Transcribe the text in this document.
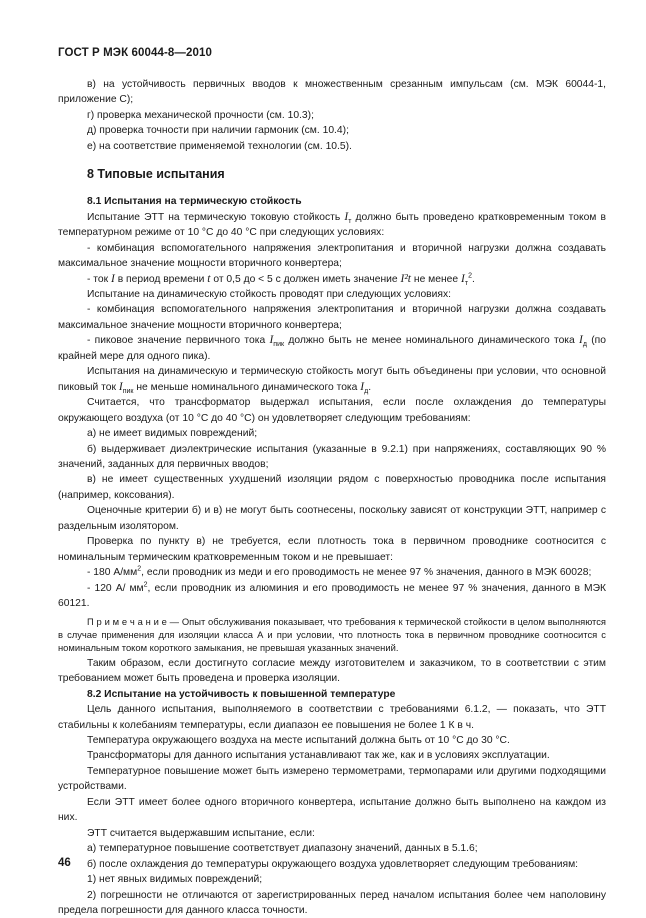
ГОСТ Р МЭК 60044-8—2010

в) на устойчивость первичных вводов к множественным срезанным импульсам (см. МЭК 60044-1, приложение С);

г) проверка механической прочности (см. 10.3);

д) проверка точности при наличии гармоник (см. 10.4);

е) на соответствие применяемой технологии (см. 10.5).

8 Типовые испытания

8.1 Испытания на термическую стойкость

Испытание ЭТТ на термическую токовую стойкость $I_т$ должно быть проведено кратковременным током в температурном режиме от 10 °С до 40 °С при следующих условиях:

- комбинация вспомогательного напряжения электропитания и вторичной нагрузки должна создавать максимальное значение мощности вторичного конвертера;

- ток I в период времени t от 0,5 до < 5 с должен иметь значение I²t не менее $I_т^2$.

Испытание на динамическую стойкость проводят при следующих условиях:

- комбинация вспомогательного напряжения электропитания и вторичной нагрузки должна создавать максимальное значение мощности вторичного конвертера;

- пиковое значение первичного тока $I_{пик}$ должно быть не менее номинального динамического тока $I_д$ (по крайней мере для одного пика).

Испытания на динамическую и термическую стойкость могут быть объединены при условии, что основной пиковый ток $I_{пик}$ не меньше номинального динамического тока $I_д$.

Считается, что трансформатор выдержал испытания, если после охлаждения до температуры окружающего воздуха (от 10 °С до 40 °С) он удовлетворяет следующим требованиям:

а) не имеет видимых повреждений;

б) выдерживает диэлектрические испытания (указанные в 9.2.1) при напряжениях, составляющих 90 % значений, заданных для первичных вводов;

в) не имеет существенных ухудшений изоляции рядом с поверхностью проводника после испытания (например, коксования).

Оценочные критерии б) и в) не могут быть соотнесены, поскольку зависят от конструкции ЭТТ, например с раздельным изолятором.

Проверка по пункту в) не требуется, если плотность тока в первичном проводнике соотносится с номинальным термическим кратковременным током и не превышает:

- 180 $А/мм^2$, если проводник из меди и его проводимость не менее 97 % значения, данного в МЭК 60028;

- 120 А/ $мм^2$, если проводник из алюминия и его проводимость не менее 97 % значения, данного в МЭК 60121.

П р и м е ч а н и е — Опыт обслуживания показывает, что требования к термической стойкости в целом выполняются в случае применения для изоляции класса А и при условии, что плотность тока в первичном проводнике соотносится с номинальным током короткого замыкания, не превышая указанных значений.

Таким образом, если достигнуто согласие между изготовителем и заказчиком, то в соответствии с этим требованием может быть проведена и проверка изоляции.

8.2 Испытание на устойчивость к повышенной температуре

Цель данного испытания, выполняемого в соответствии с требованиями 6.1.2, — показать, что ЭТТ стабильны к колебаниям температуры, если диапазон ее повышения не более 1 К в ч.

Температура окружающего воздуха на месте испытаний должна быть от 10 °С до 30 °С.

Трансформаторы для данного испытания устанавливают так же, как и в условиях эксплуатации.

Температурное повышение может быть измерено термометрами, термопарами или другими подходящими устройствами.

Если ЭТТ имеет более одного вторичного конвертера, испытание должно быть выполнено на каждом из них.

ЭТТ считается выдержавшим испытание, если:

а) температурное повышение соответствует диапазону значений, данных в 5.1.6;

б) после охлаждения до температуры окружающего воздуха удовлетворяет следующим требованиям:

1) нет явных видимых повреждений;

2) погрешности не отличаются от зарегистрированных перед началом испытания более чем наполовину предела погрешности для данного класса точности.

46
